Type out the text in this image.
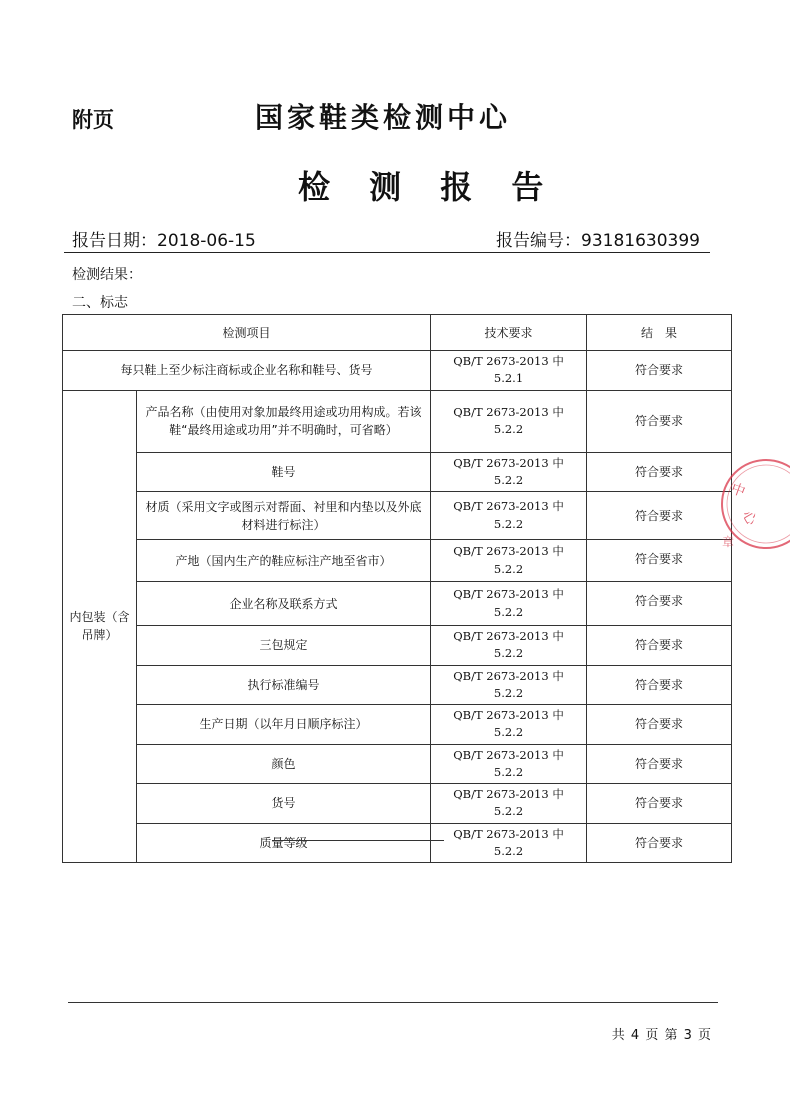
附页	国家鞋类检测中心
检 测 报 告
报告日期：2018-06-15	报告编号：93181630399
检测结果：
二、标志
检测项目		技术要求	结　果
每只鞋上至少标注商标或企业名称和鞋号、货号		QB/T 2673-2013 中 5.2.1	符合要求
内包装（含吊牌）	产品名称（由使用对象加最终用途或功用构成。若该鞋“最终用途或功用”并不明确时，可省略）	QB/T 2673-2013 中 5.2.2	符合要求
	鞋号	QB/T 2673-2013 中 5.2.2	符合要求
	材质（采用文字或图示对帮面、衬里和内垫以及外底材料进行标注）	QB/T 2673-2013 中 5.2.2	符合要求
	产地（国内生产的鞋应标注产地至省市）	QB/T 2673-2013 中 5.2.2	符合要求
	企业名称及联系方式	QB/T 2673-2013 中 5.2.2	符合要求
	三包规定	QB/T 2673-2013 中 5.2.2	符合要求
	执行标准编号	QB/T 2673-2013 中 5.2.2	符合要求
	生产日期（以年月日顺序标注）	QB/T 2673-2013 中 5.2.2	符合要求
	颜色	QB/T 2673-2013 中 5.2.2	符合要求
	货号	QB/T 2673-2013 中 5.2.2	符合要求
	质量等级	QB/T 2673-2013 中 5.2.2	符合要求
中
心
章
共 4 页 第 3 页
